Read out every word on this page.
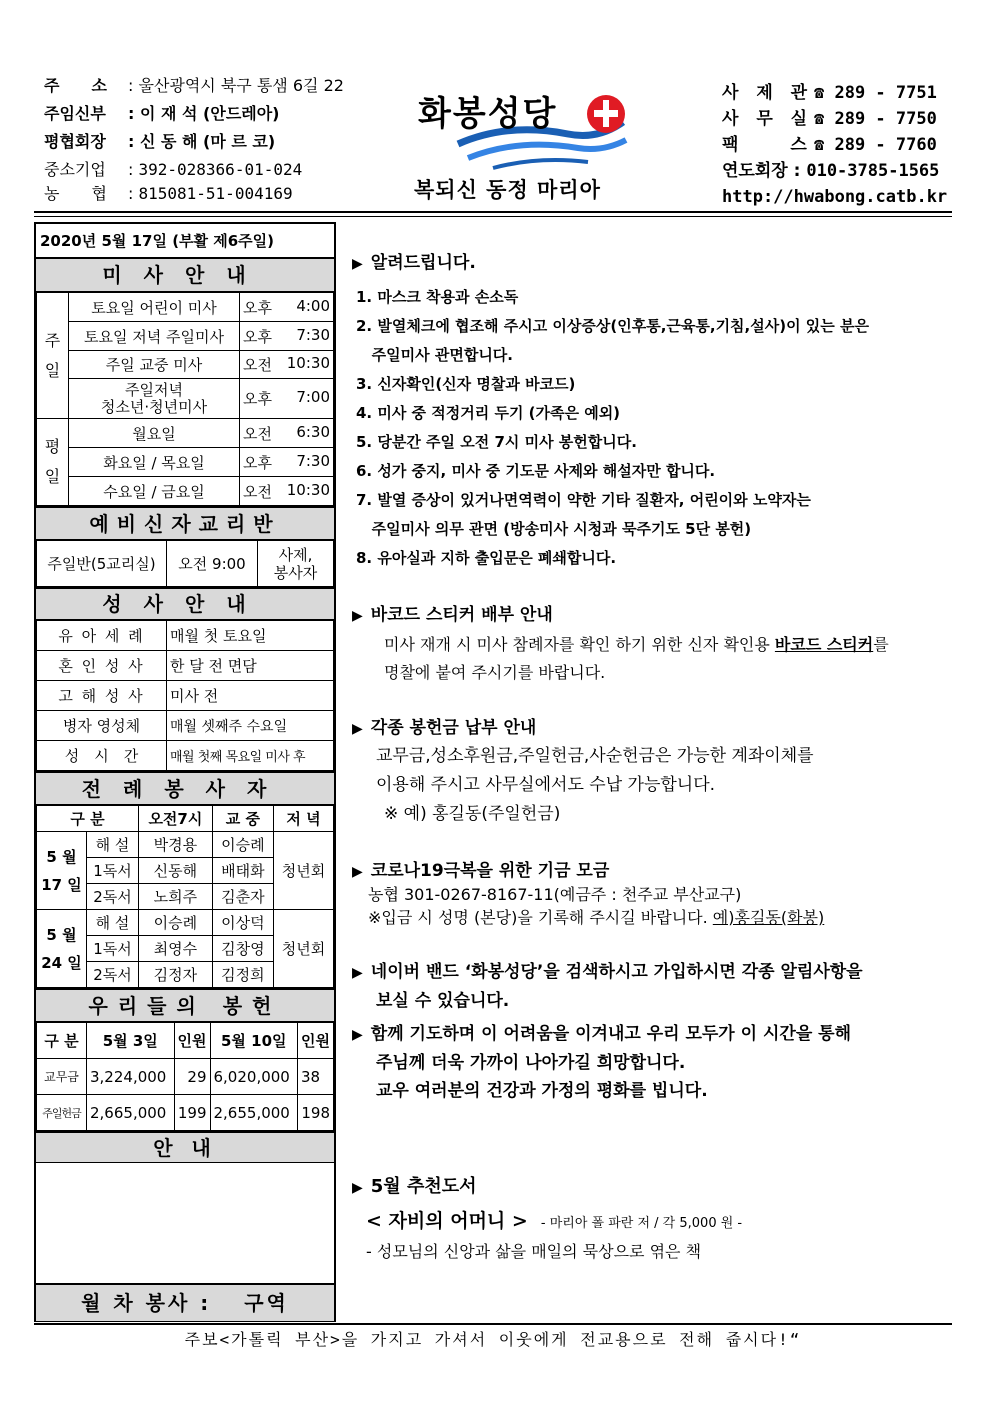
주　　소 : 울산광역시 북구 통샘 6길 22
주임신부 : 이 재 석 (안드레아)
평협회장 : 신 동 해 (마 르 코)
중소기업 : 392-028366-01-024
농　　협 : 815081-51-004169
화봉성당
복되신 동정 마리아
사 제 관☎ 289 - 7751
사 무 실☎ 289 - 7750
팩　　스☎ 289 - 7760
연도회장 : 010-3785-1565
http://hwabong.catb.kr
2020년 5월 17일 (부활 제6주일)
미사안내
주일	토요일 어린이 미사	오후 4:00

	토요일 저녁 주일미사	오후 7:30

	주일 교중 미사	오전 10:30

	주일저녁
청소년·청년미사	오후 7:00

평일	월요일	오전 6:30

	화요일 / 목요일	오후 7:30

	수요일 / 금요일	오전 10:30
예비신자교리반
주일반(5교리실)	오전 9:00	사제,
봉사자
성사안내
유 아 세 례	매월 첫 토요일
혼 인 성 사	한 달 전 면담
고 해 성 사	미사 전
병자 영성체	매월 셋째주 수요일
성　시　간	매월 첫째 목요일 미사 후
전례봉사자
구 분		오전7시	교 중	저 녁
5 월
17 일	해 설	박경용	이승례	청년회
	1독서	신동해	배태화	
	2독서	노희주	김춘자	
5 월
24 일	해 설	이승례	이상덕	청년회
	1독서	최영수	김창영	
	2독서	김정자	김정희	
우리들의 봉헌
구 분	5월 3일	인원	5월 10일	인원
교무금	3,224,000	29	6,020,000	38
주일헌금	2,665,000	199	2,655,000	198
안 내
월 차 봉사 :　 구역
▶ 알려드립니다.
1. 마스크 착용과 손소독
2. 발열체크에 협조해 주시고 이상증상(인후통,근육통,기침,설사)이 있는 분은
주일미사 관면합니다.
3. 신자확인(신자 명찰과 바코드)
4. 미사 중 적정거리 두기 (가족은 예외)
5. 당분간 주일 오전 7시 미사 봉헌합니다.
6. 성가 중지, 미사 중 기도문 사제와 해설자만 합니다.
7. 발열 증상이 있거나면역력이 약한 기타 질환자, 어린이와 노약자는
주일미사 의무 관면 (방송미사 시청과 묵주기도 5단 봉헌)
8. 유아실과 지하 출입문은 폐쇄합니다.
▶ 바코드 스티커 배부 안내
미사 재개 시 미사 참례자를 확인 하기 위한 신자 확인용 바코드 스티커를
명찰에 붙여 주시기를 바랍니다.
▶ 각종 봉헌금 납부 안내
교무금,성소후원금,주일헌금,사순헌금은 가능한 계좌이체를
이용해 주시고 사무실에서도 수납 가능합니다.
※ 예) 홍길동(주일헌금)
▶ 코로나19극복을 위한 기금 모금
농협 301-0267-8167-11(예금주 : 천주교 부산교구)
※입금 시 성명 (본당)을 기록해 주시길 바랍니다. 예)홍길동(화봉)
▶ 네이버 밴드 ‘화봉성당’을 검색하시고 가입하시면 각종 알림사항을
보실 수 있습니다.
▶ 함께 기도하며 이 어려움을 이겨내고 우리 모두가 이 시간을 통해
주님께 더욱 가까이 나아가길 희망합니다.
교우 여러분의 건강과 가정의 평화를 빕니다.
▶ 5월 추천도서
< 자비의 어머니 > - 마리아 폴 파란 저 / 각 5,000 원 -
- 성모님의 신앙과 삶을 매일의 묵상으로 엮은 책
주보<가톨릭 부산>을 가지고 가셔서 이웃에게 전교용으로 전해 줍시다!“
